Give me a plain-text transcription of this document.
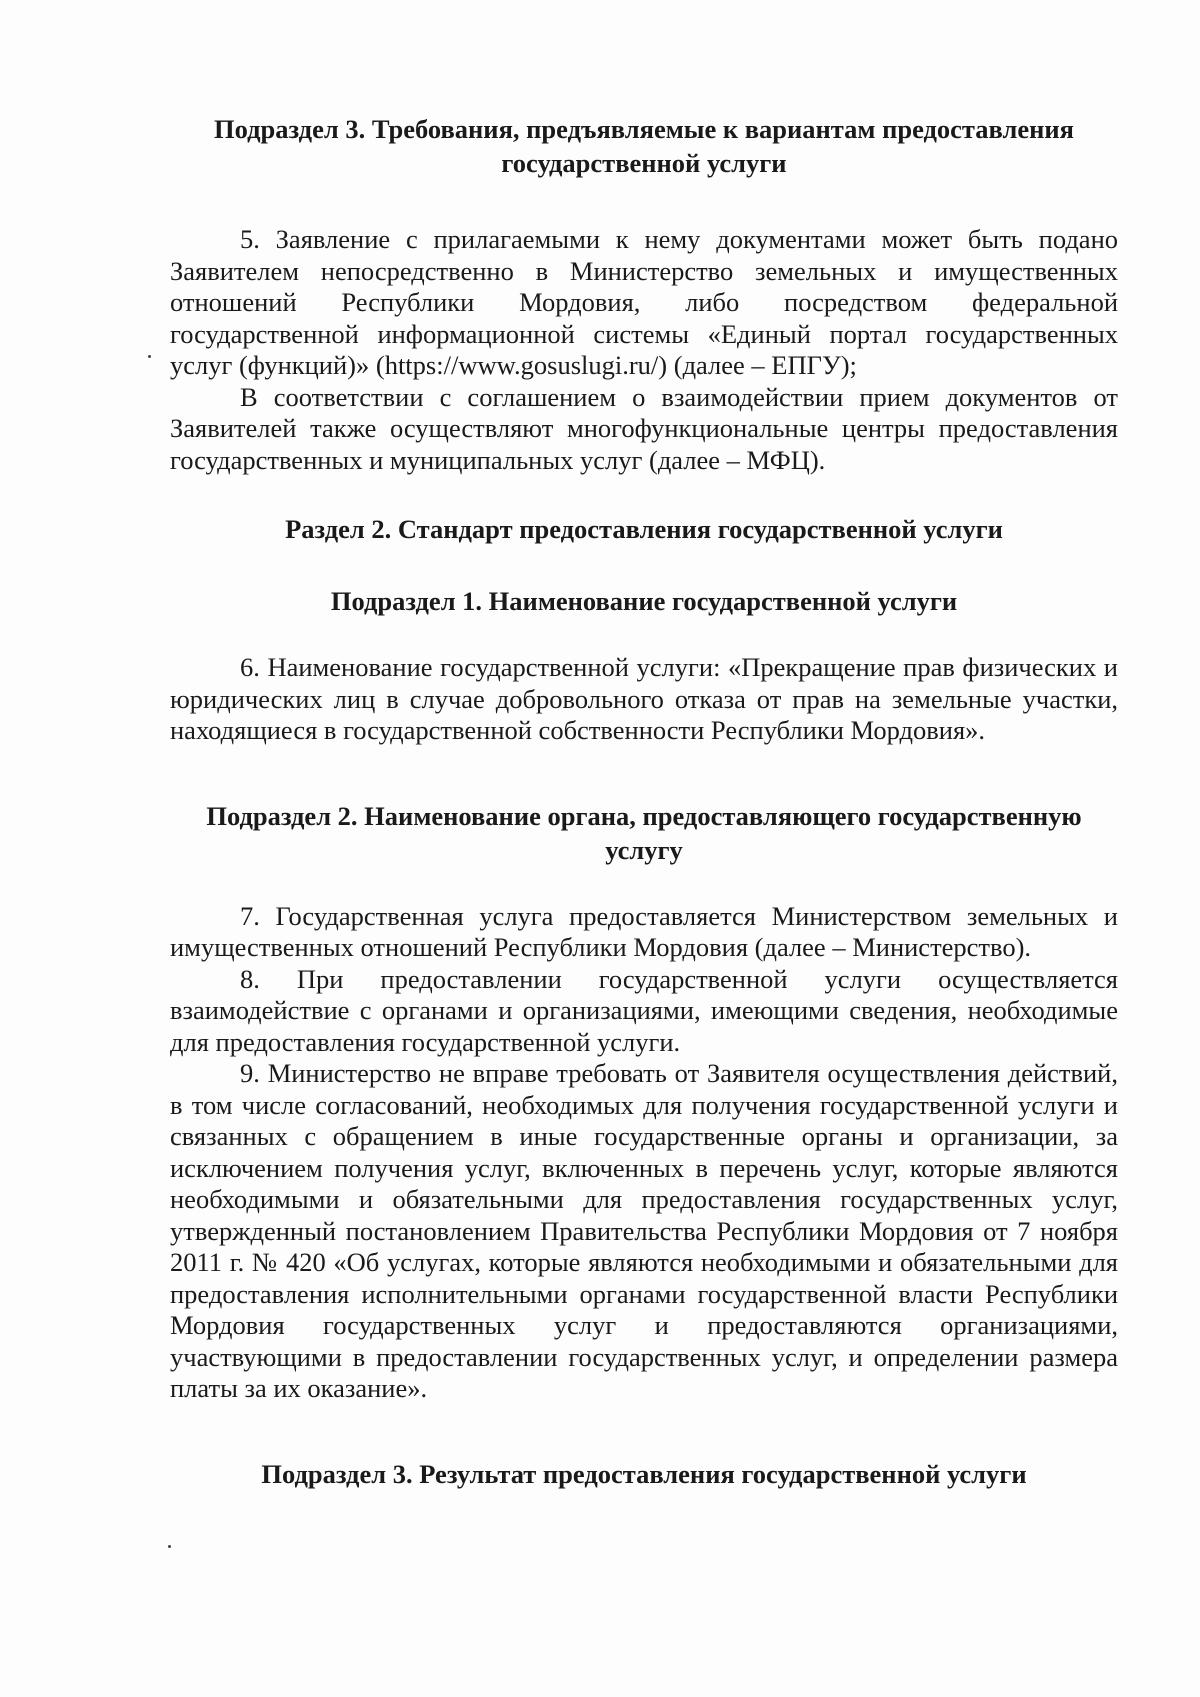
Подраздел 3. Требования, предъявляемые к вариантам предоставления государственной услуги

5. Заявление с прилагаемыми к нему документами может быть подано Заявителем непосредственно в Министерство земельных и имущественных отношений Республики Мордовия, либо посредством федеральной государственной информационной системы «Единый портал государственных услуг (функций)» (https://www.gosuslugi.ru/) (далее – ЕПГУ);

В соответствии с соглашением о взаимодействии прием документов от Заявителей также осуществляют многофункциональные центры предоставления государственных и муниципальных услуг (далее – МФЦ).

Раздел 2. Стандарт предоставления государственной услуги
Подраздел 1. Наименование государственной услуги

6. Наименование государственной услуги: «Прекращение прав физических и юридических лиц в случае добровольного отказа от прав на земельные участки, находящиеся в государственной собственности Республики Мордовия».

Подраздел 2. Наименование органа, предоставляющего государственную услугу

7. Государственная услуга предоставляется Министерством земельных и имущественных отношений Республики Мордовия (далее – Министерство).

8. При предоставлении государственной услуги осуществляется взаимодействие с органами и организациями, имеющими сведения, необходимые для предоставления государственной услуги.

9. Министерство не вправе требовать от Заявителя осуществления действий, в том числе согласований, необходимых для получения государственной услуги и связанных с обращением в иные государственные органы и организации, за исключением получения услуг, включенных в перечень услуг, которые являются необходимыми и обязательными для предоставления государственных услуг, утвержденный постановлением Правительства Республики Мордовия от 7 ноября 2011 г. № 420 «Об услугах, которые являются необходимыми и обязательными для предоставления исполнительными органами государственной власти Республики Мордовия государственных услуг и предоставляются организациями, участвующими в предоставлении государственных услуг, и определении размера платы за их оказание».

Подраздел 3. Результат предоставления государственной услуги
